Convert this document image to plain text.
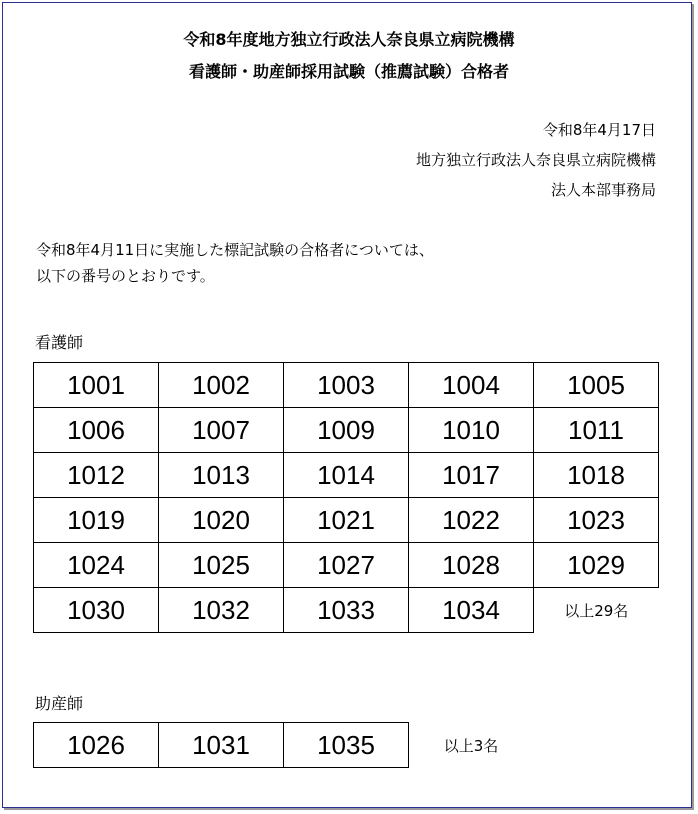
令和8年度地方独立行政法人奈良県立病院機構
看護師・助産師採用試験（推薦試験）合格者
令和8年4月17日
地方独立行政法人奈良県立病院機構
法人本部事務局
令和8年4月11日に実施した標記試験の合格者については、
以下の番号のとおりです。
看護師
1001	1002	1003	1004	1005
1006	1007	1009	1010	1011
1012	1013	1014	1017	1018
1019	1020	1021	1022	1023
1024	1025	1027	1028	1029
1030	1032	1033	1034	以上29名
助産師
1026	1031	1035	以上3名
